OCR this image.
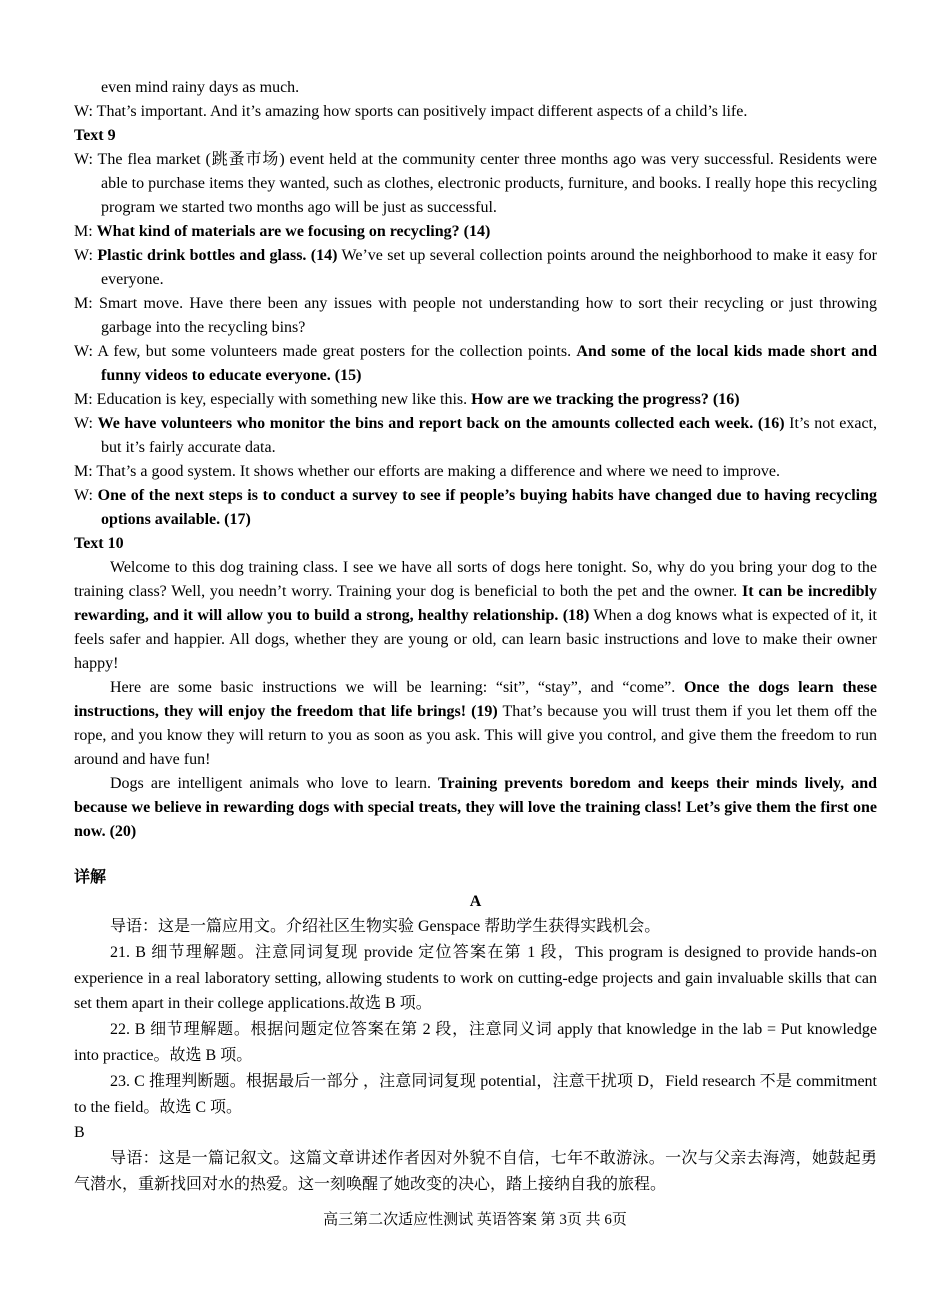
even mind rainy days as much.

W: That’s important. And it’s amazing how sports can positively impact different aspects of a child’s life.

Text 9

W: The flea market (跳蚤市场) event held at the community center three months ago was very successful. Residents were able to purchase items they wanted, such as clothes, electronic products, furniture, and books. I really hope this recycling program we started two months ago will be just as successful.

M: What kind of materials are we focusing on recycling? (14)

W: Plastic drink bottles and glass. (14) We’ve set up several collection points around the neighborhood to make it easy for everyone.

M: Smart move. Have there been any issues with people not understanding how to sort their recycling or just throwing garbage into the recycling bins?

W: A few, but some volunteers made great posters for the collection points. And some of the local kids made short and funny videos to educate everyone. (15)

M: Education is key, especially with something new like this. How are we tracking the progress? (16)

W: We have volunteers who monitor the bins and report back on the amounts collected each week. (16) It’s not exact, but it’s fairly accurate data.

M: That’s a good system. It shows whether our efforts are making a difference and where we need to improve.

W: One of the next steps is to conduct a survey to see if people’s buying habits have changed due to having recycling options available. (17)

Text 10

Welcome to this dog training class. I see we have all sorts of dogs here tonight. So, why do you bring your dog to the training class? Well, you needn’t worry. Training your dog is beneficial to both the pet and the owner. It can be incredibly rewarding, and it will allow you to build a strong, healthy relationship. (18) When a dog knows what is expected of it, it feels safer and happier. All dogs, whether they are young or old, can learn basic instructions and love to make their owner happy!

Here are some basic instructions we will be learning: “sit”, “stay”, and “come”. Once the dogs learn these instructions, they will enjoy the freedom that life brings! (19) That’s because you will trust them if you let them off the rope, and you know they will return to you as soon as you ask. This will give you control, and give them the freedom to run around and have fun!

Dogs are intelligent animals who love to learn. Training prevents boredom and keeps their minds lively, and because we believe in rewarding dogs with special treats, they will love the training class! Let’s give them the first one now. (20)

详解

A

导语：这是一篇应用文。介绍社区生物实验 Genspace 帮助学生获得实践机会。

21. B 细节理解题。注意同词复现 provide 定位答案在第 1 段，This program is designed to provide hands-on experience in a real laboratory setting, allowing students to work on cutting-edge projects and gain invaluable skills that can set them apart in their college applications.故选 B 项。

22. B 细节理解题。根据问题定位答案在第 2 段，注意同义词 apply that knowledge in the lab = Put knowledge into practice。故选 B 项。

23. C 推理判断题。根据最后一部分 ，注意同词复现 potential，注意干扰项 D，Field research 不是 commitment to the field。故选 C 项。

B

导语：这是一篇记叙文。这篇文章讲述作者因对外貌不自信，七年不敢游泳。一次与父亲去海湾，她鼓起勇气潜水，重新找回对水的热爱。这一刻唤醒了她改变的决心，踏上接纳自我的旅程。

高三第二次适应性测试 英语答案 第 3页 共 6页
